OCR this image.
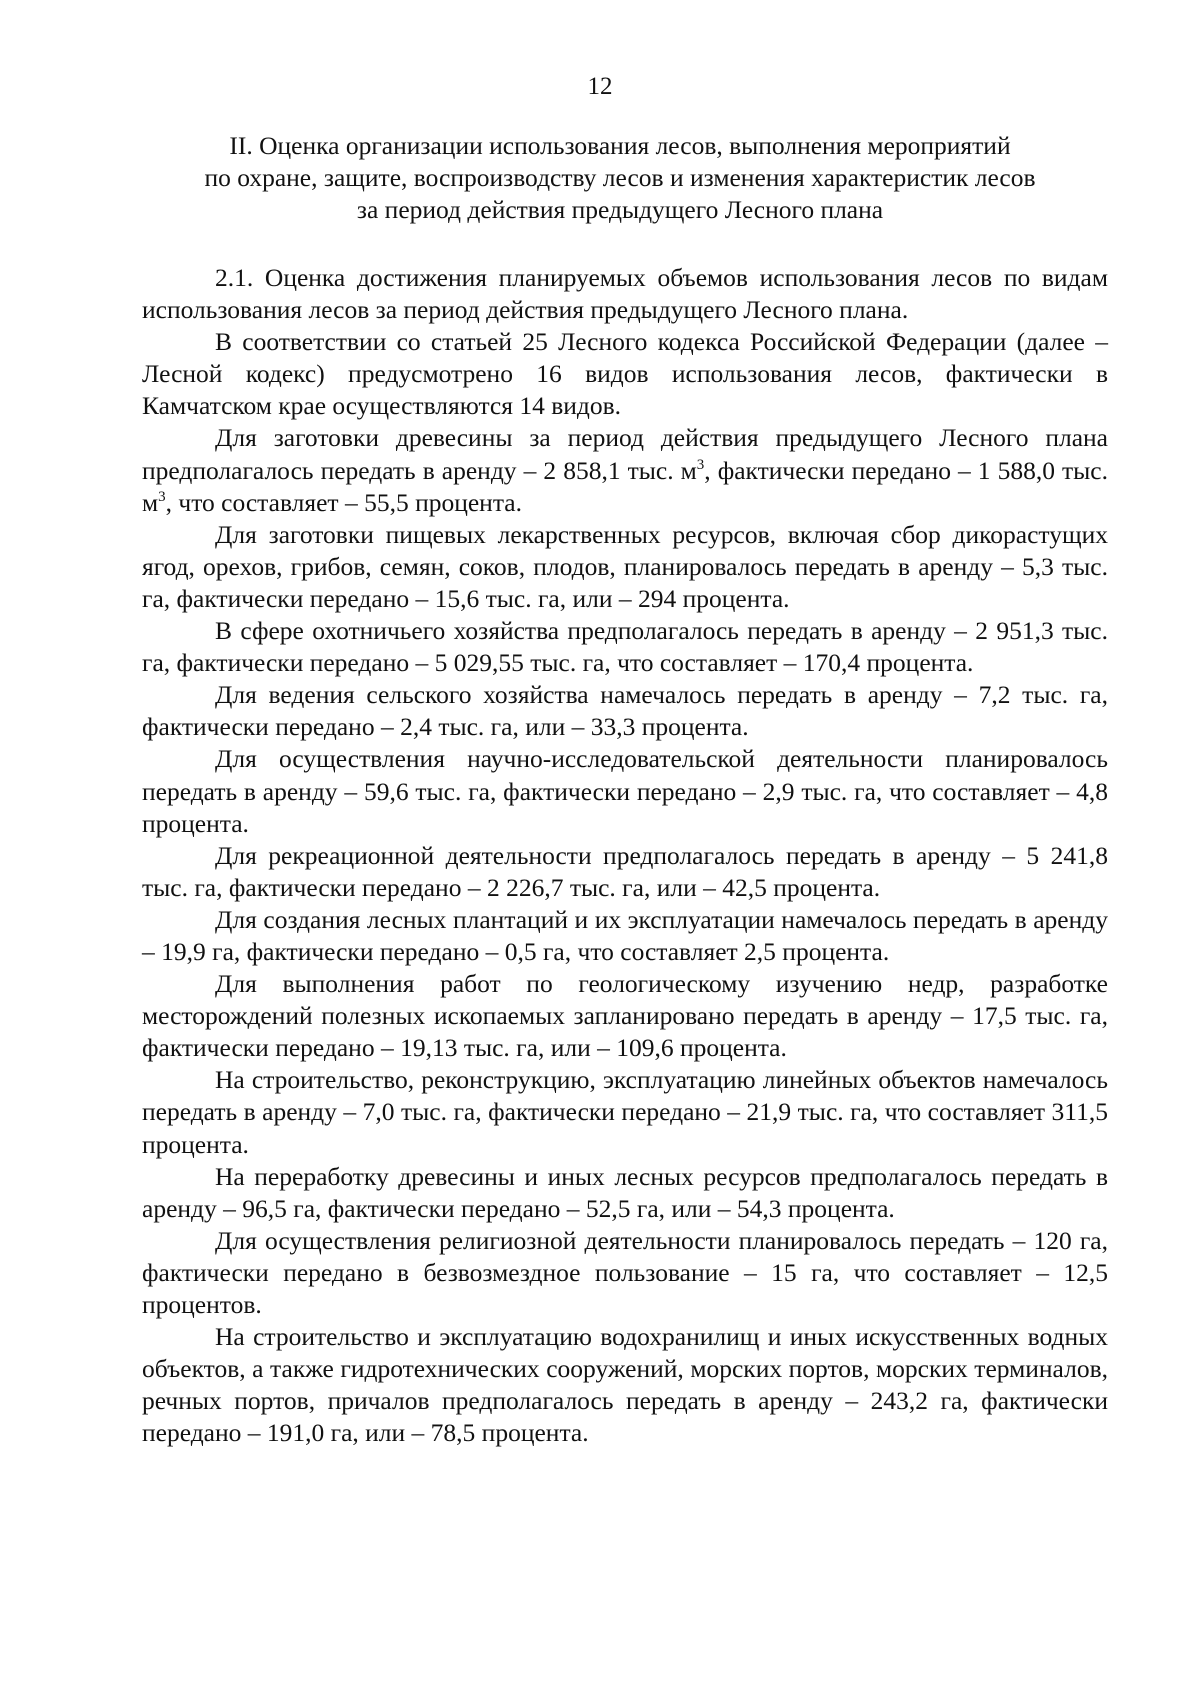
12
II. Оценка организации использования лесов, выполнения мероприятий
по охране, защите, воспроизводству лесов и изменения характеристик лесов
за период действия предыдущего Лесного плана

2.1. Оценка достижения планируемых объемов использования лесов по видам использования лесов за период действия предыдущего Лесного плана.

В соответствии со статьей 25 Лесного кодекса Российской Федерации (далее – Лесной кодекс) предусмотрено 16 видов использования лесов, фактически в Камчатском крае осуществляются 14 видов.

Для заготовки древесины за период действия предыдущего Лесного плана предполагалось передать в аренду – 2 858,1 тыс. $м^3$, фактически передано – 1 588,0 тыс. $м^3$, что составляет – 55,5 процента.

Для заготовки пищевых лекарственных ресурсов, включая сбор дикорастущих ягод, орехов, грибов, семян, соков, плодов, планировалось передать в аренду – 5,3 тыс. га, фактически передано – 15,6 тыс. га, или – 294 процента.

В сфере охотничьего хозяйства предполагалось передать в аренду – 2 951,3 тыс. га, фактически передано – 5 029,55 тыс. га, что составляет – 170,4 процента.

Для ведения сельского хозяйства намечалось передать в аренду – 7,2 тыс. га, фактически передано – 2,4 тыс. га, или – 33,3 процента.

Для осуществления научно-исследовательской деятельности планировалось передать в аренду – 59,6 тыс. га, фактически передано – 2,9 тыс. га, что составляет – 4,8 процента.

Для рекреационной деятельности предполагалось передать в аренду – 5 241,8 тыс. га, фактически передано – 2 226,7 тыс. га, или – 42,5 процента.

Для создания лесных плантаций и их эксплуатации намечалось передать в аренду – 19,9 га, фактически передано – 0,5 га, что составляет 2,5 процента.

Для выполнения работ по геологическому изучению недр, разработке месторождений полезных ископаемых запланировано передать в аренду – 17,5 тыс. га, фактически передано – 19,13 тыс. га, или – 109,6 процента.

На строительство, реконструкцию, эксплуатацию линейных объектов намечалось передать в аренду – 7,0 тыс. га, фактически передано – 21,9 тыс. га, что составляет 311,5 процента.

На переработку древесины и иных лесных ресурсов предполагалось передать в аренду – 96,5 га, фактически передано – 52,5 га, или – 54,3 процента.

Для осуществления религиозной деятельности планировалось передать – 120 га, фактически передано в безвозмездное пользование – 15 га, что составляет – 12,5 процентов.

На строительство и эксплуатацию водохранилищ и иных искусственных водных объектов, а также гидротехнических сооружений, морских портов, морских терминалов, речных портов, причалов предполагалось передать в аренду – 243,2 га, фактически передано – 191,0 га, или – 78,5 процента.
